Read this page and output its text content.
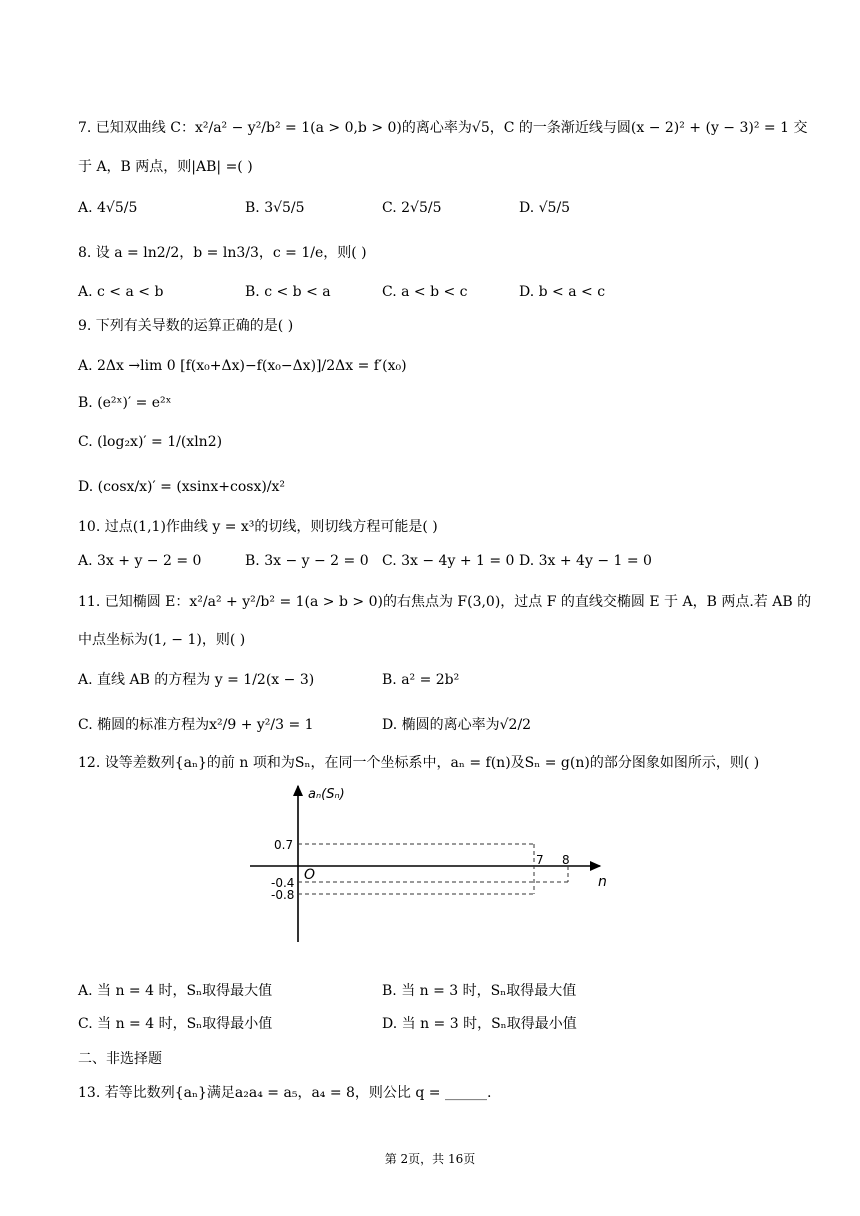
7. 已知双曲线 C：x²/a² − y²/b² = 1(a > 0,b > 0)的离心率为√5，C 的一条渐近线与圆(x − 2)² + (y − 3)² = 1 交
于 A，B 两点，则|AB| =( )
A. 4√5/5	B. 3√5/5	C. 2√5/5	D. √5/5
8. 设 a = ln2/2，b = ln3/3，c = 1/e，则( )
A. c < a < b	B. c < b < a	C. a < b < c	D. b < a < c
9. 下列有关导数的运算正确的是( )
A. 2Δx →lim 0 [f(x₀+Δx)−f(x₀−Δx)]/2Δx = f′(x₀)
B. (e²ˣ)′ = e²ˣ
C. (log₂x)′ = 1/(xln2)
D. (cosx/x)′ = (xsinx+cosx)/x²
10. 过点(1,1)作曲线 y = x³的切线，则切线方程可能是( )
A. 3x + y − 2 = 0	B. 3x − y − 2 = 0 C. 3x − 4y + 1 = 0 D. 3x + 4y − 1 = 0
11. 已知椭圆 E：x²/a² + y²/b² = 1(a > b > 0)的右焦点为 F(3,0)，过点 F 的直线交椭圆 E 于 A，B 两点.若 AB 的
中点坐标为(1, − 1)，则( )
A. 直线 AB 的方程为 y = 1/2(x − 3)	B. a² = 2b²
C. 椭圆的标准方程为x²/9 + y²/3 = 1	D. 椭圆的离心率为√2/2
12. 设等差数列{aₙ}的前 n 项和为Sₙ，在同一个坐标系中，aₙ = f(n)及Sₙ = g(n)的部分图象如图所示，则( )
aₙ(Sₙ)
n
O
0.7
-0.4
-0.8
7 8
A. 当 n = 4 时，Sₙ取得最大值	B. 当 n = 3 时，Sₙ取得最大值
C. 当 n = 4 时，Sₙ取得最小值	D. 当 n = 3 时，Sₙ取得最小值
二、非选择题
13. 若等比数列{aₙ}满足a₂a₄ = a₅，a₄ = 8，则公比 q = ______.
第 2页，共 16页
